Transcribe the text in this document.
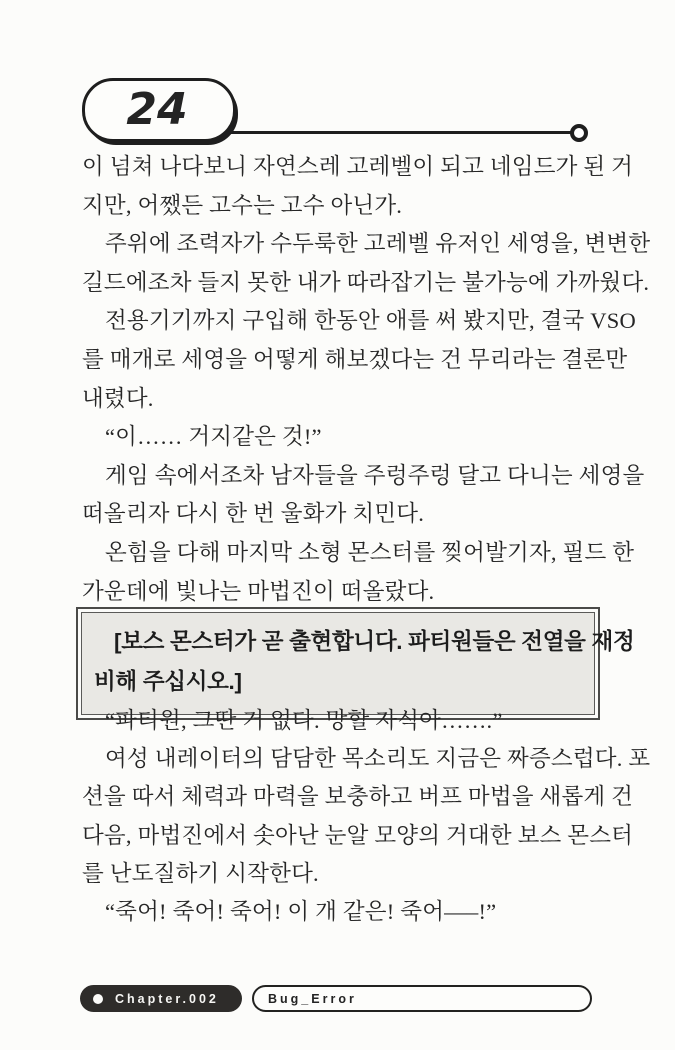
24
이 넘쳐 나다보니 자연스레 고레벨이 되고 네임드가 된 거
지만, 어쨌든 고수는 고수 아닌가.
주위에 조력자가 수두룩한 고레벨 유저인 세영을, 변변한
길드에조차 들지 못한 내가 따라잡기는 불가능에 가까웠다.
전용기기까지 구입해 한동안 애를 써 봤지만, 결국 VSO
를 매개로 세영을 어떻게 해보겠다는 건 무리라는 결론만
내렸다.
“이…… 거지같은 것!”
게임 속에서조차 남자들을 주렁주렁 달고 다니는 세영을
떠올리자 다시 한 번 울화가 치민다.
온힘을 다해 마지막 소형 몬스터를 찢어발기자, 필드 한
가운데에 빛나는 마법진이 떠올랐다.
[보스 몬스터가 곧 출현합니다. 파티원들은 전열을 재정
비해 주십시오.]
“파티원, 그딴 거 없다. 망할 자식아…….”
여성 내레이터의 담담한 목소리도 지금은 짜증스럽다. 포
션을 따서 체력과 마력을 보충하고 버프 마법을 새롭게 건
다음, 마법진에서 솟아난 눈알 모양의 거대한 보스 몬스터
를 난도질하기 시작한다.
“죽어! 죽어! 죽어! 이 개 같은! 죽어–––!”
Chapter.002	Bug_Error
